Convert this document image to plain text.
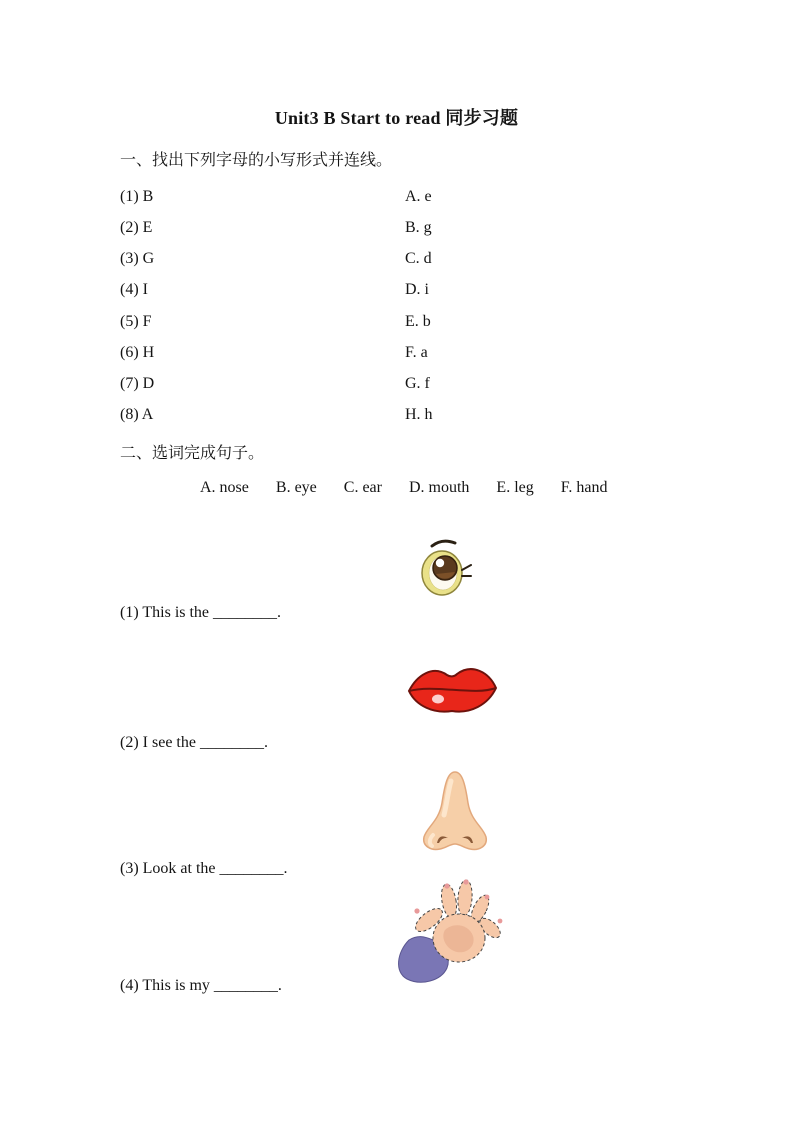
Unit3 B Start to read 同步习题
一、找出下列字母的小写形式并连线。
(1) B	A. e
(2) E	B. g
(3) G	C. d
(4) I	D. i
(5) F	E. b
(6) H	F. a
(7) D	G. f
(8) A	H. h
二、选词完成句子。
A. nose B. eye C. ear D. mouth E. leg F. hand
(1) This is the ________.
(2) I see the ________.
(3) Look at the ________.
(4) This is my ________.
